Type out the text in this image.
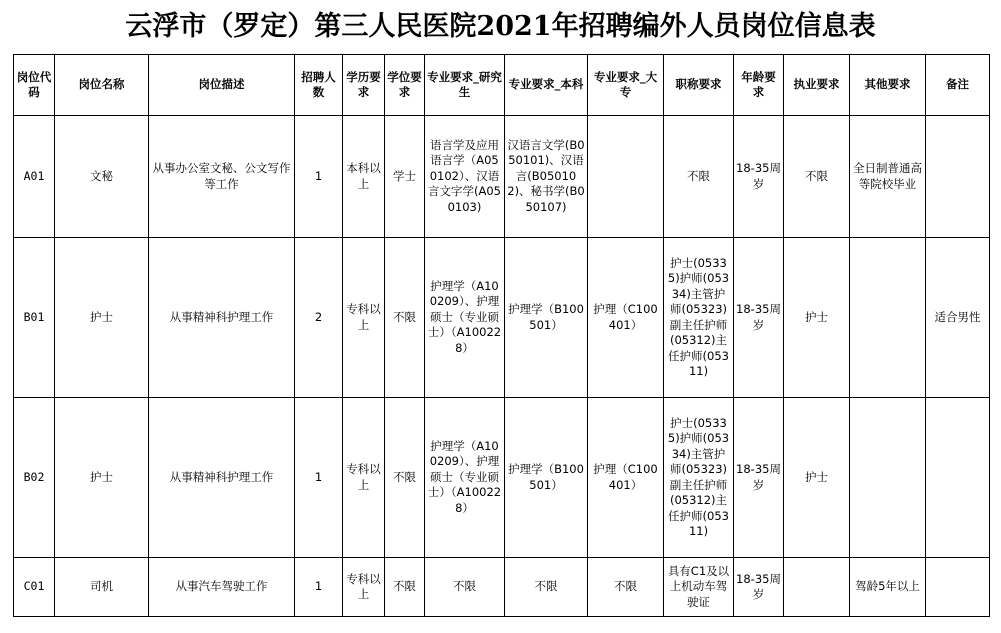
云浮市（罗定）第三人民医院2021年招聘编外人员岗位信息表
岗位代码	岗位名称	岗位描述	招聘人数	学历要求	学位要求	专业要求_研究生	专业要求_本科	专业要求_大专	职称要求	年龄要求	执业要求	其他要求	备注
A01	文秘	从事办公室文秘、公文写作等工作	1	本科以上	学士	语言学及应用语言学（A050102）、汉语言文字学(A050103)	汉语言文学(B050101)、汉语言(B050102)、秘书学(B050107)		不限	18-35周岁	不限	全日制普通高等院校毕业	
B01	护士	从事精神科护理工作	2	专科以上	不限	护理学（A100209）、护理硕士（专业硕士）（A100228）	护理学（B100501）	护理（C100401）	护士(05335)护师(05334)主管护师(05323)副主任护师(05312)主任护师(05311)	18-35周岁	护士		适合男性
B02	护士	从事精神科护理工作	1	专科以上	不限	护理学（A100209）、护理硕士（专业硕士）（A100228）	护理学（B100501）	护理（C100401）	护士(05335)护师(05334)主管护师(05323)副主任护师(05312)主任护师(05311)	18-35周岁	护士		
C01	司机	从事汽车驾驶工作	1	专科以上	不限	不限	不限	不限	具有C1及以上机动车驾驶证	18-35周岁		驾龄5年以上	
